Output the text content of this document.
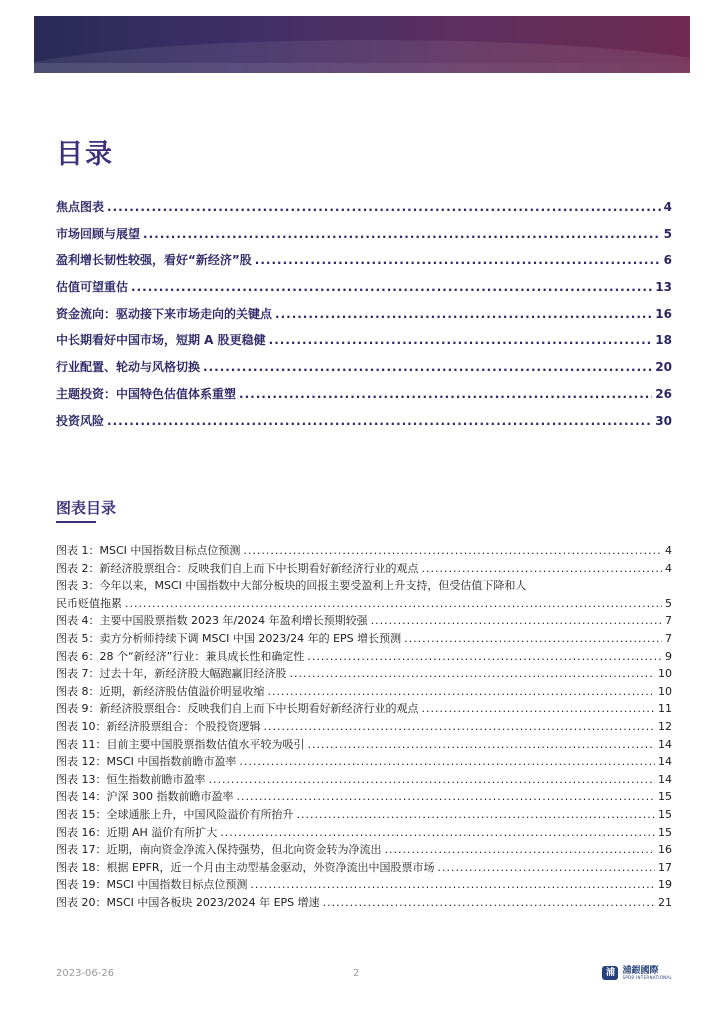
目录
焦点图表 .....	4
市场回顾与展望 .....	5
盈利增长韧性较强，看好“新经济”股 .....	6
估值可望重估 .....	13
资金流向：驱动接下来市场走向的关键点 .....	16
中长期看好中国市场，短期 A 股更稳健 .....	18
行业配置、轮动与风格切换 .....	20
主题投资：中国特色估值体系重塑 .....	26
投资风险 .....	30
图表目录
图表 1：MSCI 中国指数目标点位预测 .....	4
图表 2：新经济股票组合：反映我们自上而下中长期看好新经济行业的观点 .....	4
图表 3：今年以来，MSCI 中国指数中大部分板块的回报主要受盈利上升支持，但受估值下降和人
民币贬值拖累 .....	5
图表 4：主要中国股票指数 2023 年/2024 年盈利增长预期较强 .....	7
图表 5：卖方分析师持续下调 MSCI 中国 2023/24 年的 EPS 增长预测 .....	7
图表 6：28 个“新经济”行业：兼具成长性和确定性 .....	9
图表 7：过去十年，新经济股大幅跑赢旧经济股 .....	10
图表 8：近期，新经济股估值溢价明显收缩 .....	10
图表 9：新经济股票组合：反映我们自上而下中长期看好新经济行业的观点 .....	11
图表 10：新经济股票组合：个股投资逻辑 .....	12
图表 11：目前主要中国股票指数估值水平较为吸引 .....	14
图表 12：MSCI 中国指数前瞻市盈率 .....	14
图表 13：恒生指数前瞻市盈率 .....	14
图表 14：沪深 300 指数前瞻市盈率 .....	15
图表 15：全球通胀上升，中国风险溢价有所抬升 .....	15
图表 16：近期 AH 溢价有所扩大 .....	15
图表 17：近期，南向资金净流入保持强势，但北向资金转为净流出 .....	16
图表 18：根据 EPFR，近一个月由主动型基金驱动，外资净流出中国股票市场 .....	17
图表 19：MSCI 中国指数目标点位预测 .....	19
图表 20：MSCI 中国各板块 2023/2024 年 EPS 增速 .....	21
2023-06-26	2	浦 浦銀國際
SPDB INTERNATIONAL
